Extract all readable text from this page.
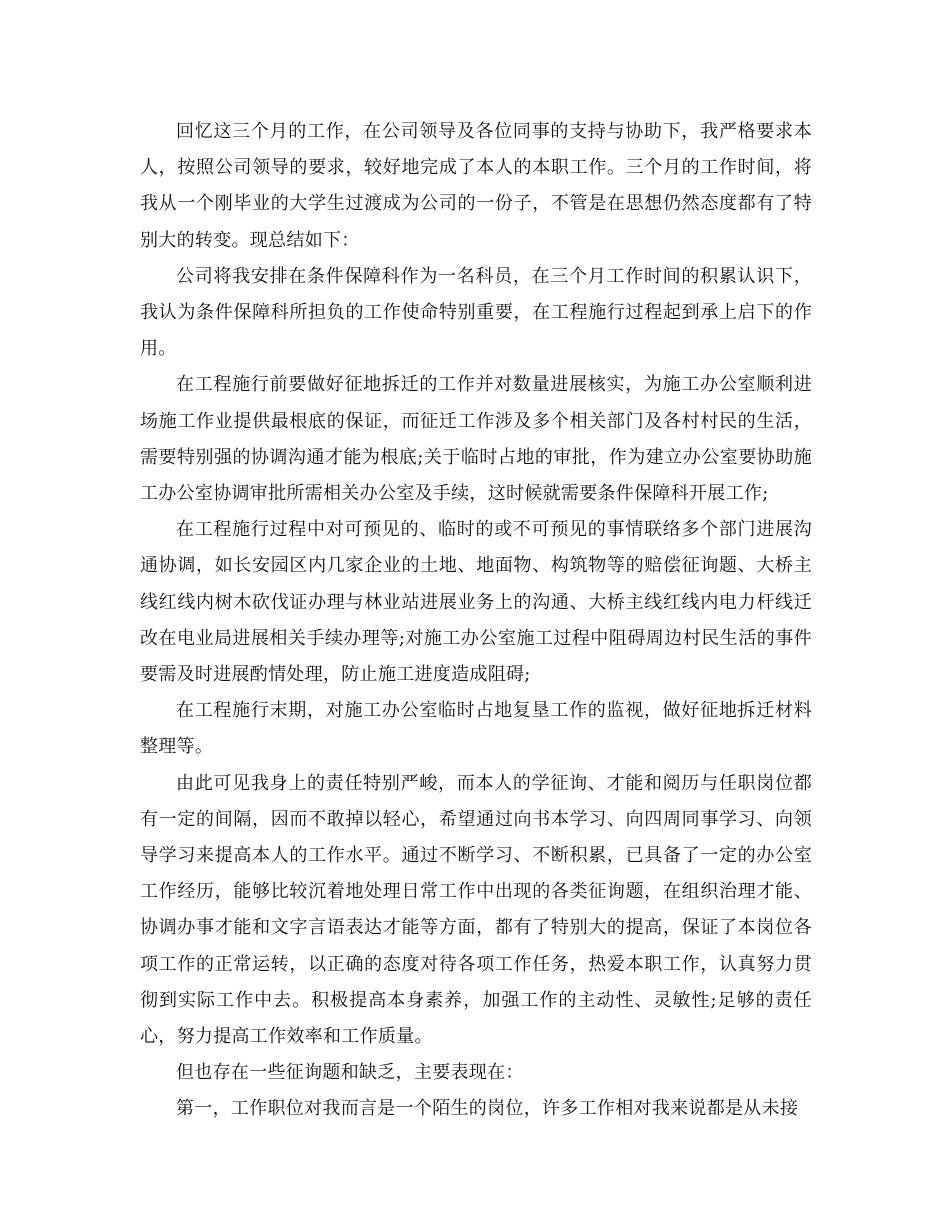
回忆这三个月的工作，在公司领导及各位同事的支持与协助下，我严格要求本人，按照公司领导的要求，较好地完成了本人的本职工作。三个月的工作时间，将我从一个刚毕业的大学生过渡成为公司的一份子，不管是在思想仍然态度都有了特别大的转变。现总结如下：

公司将我安排在条件保障科作为一名科员，在三个月工作时间的积累认识下，我认为条件保障科所担负的工作使命特别重要，在工程施行过程起到承上启下的作用。

在工程施行前要做好征地拆迁的工作并对数量进展核实，为施工办公室顺利进场施工作业提供最根底的保证，而征迁工作涉及多个相关部门及各村村民的生活，需要特别强的协调沟通才能为根底;关于临时占地的审批，作为建立办公室要协助施工办公室协调审批所需相关办公室及手续，这时候就需要条件保障科开展工作;

在工程施行过程中对可预见的、临时的或不可预见的事情联络多个部门进展沟通协调，如长安园区内几家企业的土地、地面物、构筑物等的赔偿征询题、大桥主线红线内树木砍伐证办理与林业站进展业务上的沟通、大桥主线红线内电力杆线迁改在电业局进展相关手续办理等;对施工办公室施工过程中阻碍周边村民生活的事件要需及时进展酌情处理，防止施工进度造成阻碍;

在工程施行末期，对施工办公室临时占地复垦工作的监视，做好征地拆迁材料整理等。

由此可见我身上的责任特别严峻，而本人的学征询、才能和阅历与任职岗位都有一定的间隔，因而不敢掉以轻心，希望通过向书本学习、向四周同事学习、向领导学习来提高本人的工作水平。通过不断学习、不断积累，已具备了一定的办公室工作经历，能够比较沉着地处理日常工作中出现的各类征询题，在组织治理才能、协调办事才能和文字言语表达才能等方面，都有了特别大的提高，保证了本岗位各项工作的正常运转，以正确的态度对待各项工作任务，热爱本职工作，认真努力贯彻到实际工作中去。积极提高本身素养，加强工作的主动性、灵敏性;足够的责任心，努力提高工作效率和工作质量。

但也存在一些征询题和缺乏，主要表现在：

第一，工作职位对我而言是一个陌生的岗位，许多工作相对我来说都是从未接
